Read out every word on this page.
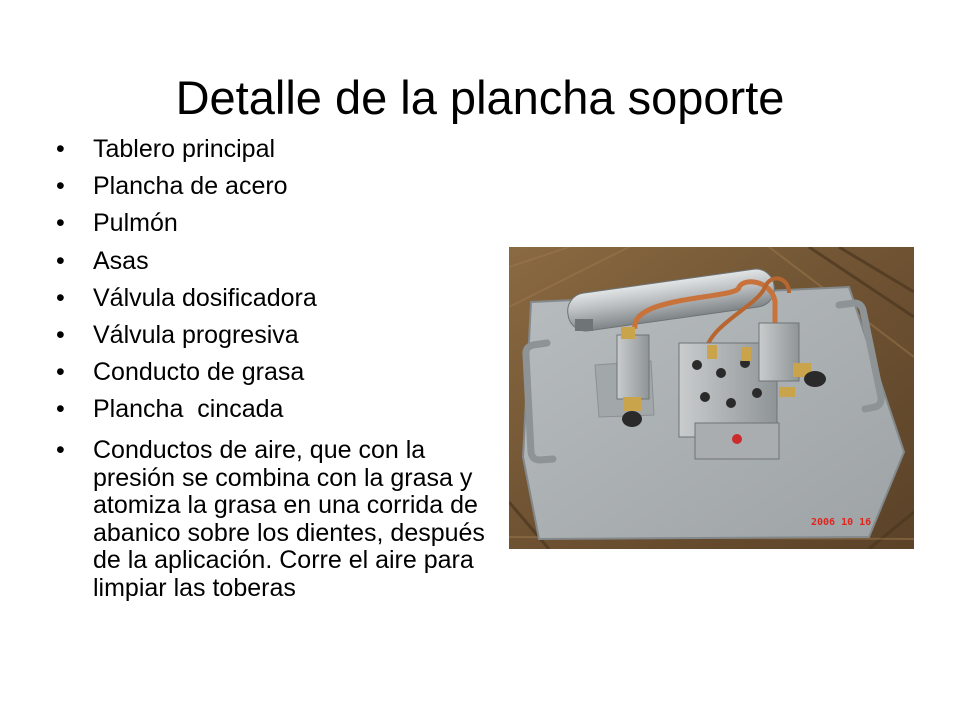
Detalle de la plancha soporte
•	Tablero principal
•	Plancha de acero
•	Pulmón
•	Asas
•	Válvula dosificadora
•	Válvula progresiva
•	Conducto de grasa
•	Plancha  cincada
•	Conductos de aire, que con la presión se combina con la grasa y atomiza la grasa en una corrida de abanico sobre los dientes, después de la aplicación. Corre el aire para limpiar las toberas
2006 10 16
